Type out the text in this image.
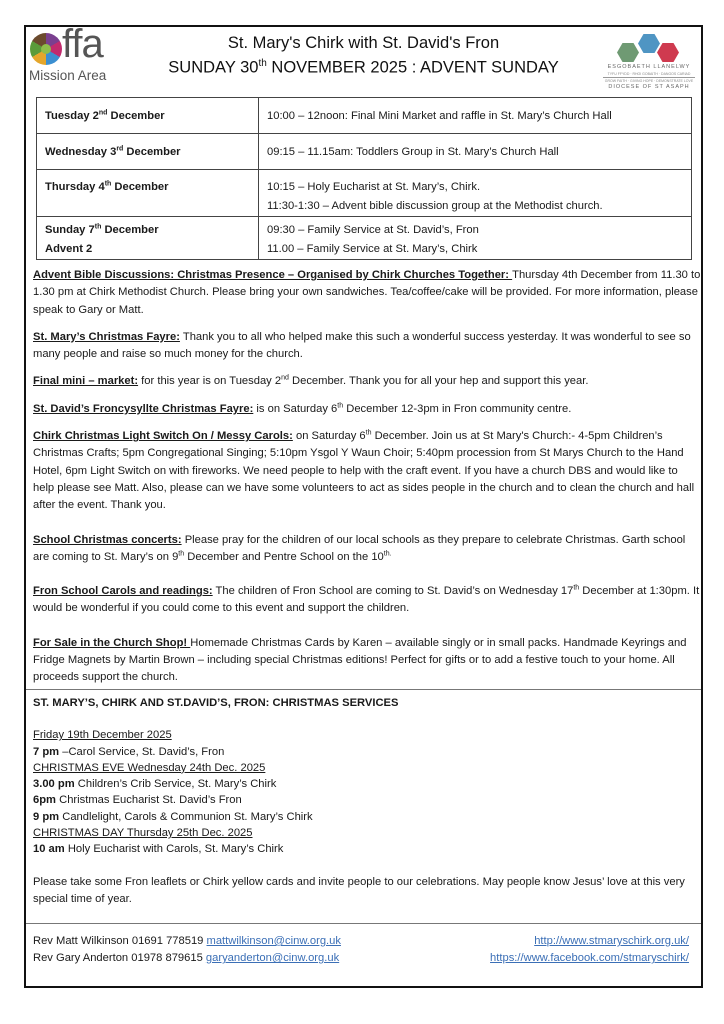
ffa
Mission Area
St. Mary's Chirk with St. David's Fron
SUNDAY 30th NOVEMBER 2025 : ADVENT SUNDAY	ESGOBAETH LLANELWY
TYFU FFYDD · RHOI GOBAITH · DANGOS CARIAD
GROW FAITH · GIVING HOPE · DEMONSTRATE LOVE
DIOCESE OF ST ASAPH
Tuesday 2nd December	10:00 – 12noon: Final Mini Market and raffle in St. Mary’s Church Hall

Wednesday 3rd December	09:15 – 11.15am: Toddlers Group in St. Mary’s Church Hall

Thursday 4th December	10:15 – Holy Eucharist at St. Mary’s, Chirk.
11:30-1:30 – Advent bible discussion group at the Methodist church.

Sunday 7th December
Advent 2	09:30 – Family Service at St. David’s, Fron
11.00 – Family Service at St. Mary’s, Chirk

Advent Bible Discussions: Christmas Presence – Organised by Chirk Churches Together: Thursday 4th December from 11.30 to 1.30 pm at Chirk Methodist Church. Please bring your own sandwiches. Tea/coffee/cake will be provided. For more information, please speak to Gary or Matt.

St. Mary’s Christmas Fayre: Thank you to all who helped make this such a wonderful success yesterday. It was wonderful to see so many people and raise so much money for the church.

Final mini – market: for this year is on Tuesday 2nd December. Thank you for all your hep and support this year.

St. David’s Froncysyllte Christmas Fayre: is on Saturday 6th December 12-3pm in Fron community centre.

Chirk Christmas Light Switch On / Messy Carols: on Saturday 6th December. Join us at St Mary's Church:- 4-5pm Children’s Christmas Crafts; 5pm Congregational Singing; 5:10pm Ysgol Y Waun Choir; 5:40pm procession from St Marys Church to the Hand Hotel, 6pm Light Switch on with fireworks. We need people to help with the craft event. If you have a church DBS and would like to help please see Matt. Also, please can we have some volunteers to act as sides people in the church and to clean the church and hall after the event. Thank you.

School Christmas concerts: Please pray for the children of our local schools as they prepare to celebrate Christmas. Garth school are coming to St. Mary’s on 9th December and Pentre School on the $10^{th.}$

Fron School Carols and readings: The children of Fron School are coming to St. David’s on Wednesday 17th December at 1:30pm. It would be wonderful if you could come to this event and support the children.

For Sale in the Church Shop! Homemade Christmas Cards by Karen – available singly or in small packs. Handmade Keyrings and Fridge Magnets by Martin Brown – including special Christmas editions! Perfect for gifts or to add a festive touch to your home. All proceeds support the church.

ST. MARY’S, CHIRK AND ST.DAVID’S, FRON: CHRISTMAS SERVICES
Friday 19th December 2025
7 pm –Carol Service, St. David’s, Fron
CHRISTMAS EVE Wednesday 24th Dec. 2025
3.00 pm Children’s Crib Service, St. Mary’s Chirk
6pm Christmas Eucharist St. David’s Fron
9 pm Candlelight, Carols & Communion St. Mary’s Chirk
CHRISTMAS DAY Thursday 25th Dec. 2025
10 am Holy Eucharist with Carols, St. Mary’s Chirk

Please take some Fron leaflets or Chirk yellow cards and invite people to our celebrations. May people know Jesus’ love at this very special time of year.

Rev Matt Wilkinson 01691 778519 mattwilkinson@cinw.org.uk	http://www.stmaryschirk.org.uk/
Rev Gary Anderton 01978 879615 garyanderton@cinw.org.uk	https://www.facebook.com/stmaryschirk/
